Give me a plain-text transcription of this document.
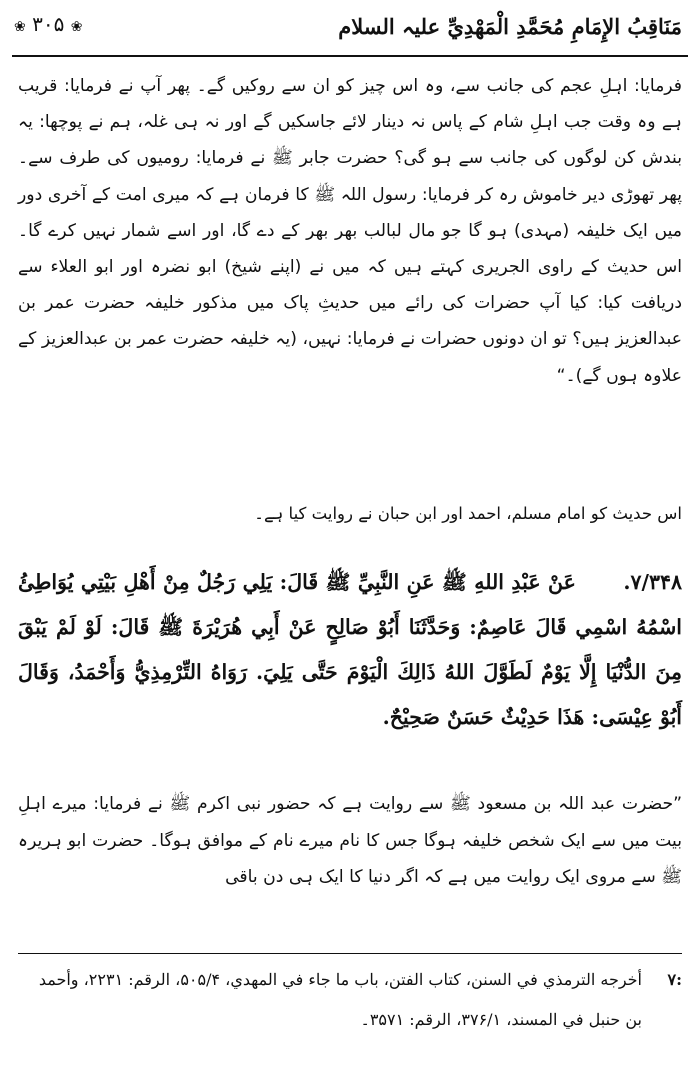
مَنَاقِبُ الإِمَامِ مُحَمَّدِ الْمَهْدِيِّ علیہ السلام
❀ ۳۰۵ ❀

فرمایا: اہلِ عجم کی جانب سے، وہ اس چیز کو ان سے روکیں گے۔ پھر آپ نے فرمایا: قریب ہے وہ وقت جب اہلِ شام کے پاس نہ دینار لائے جاسکیں گے اور نہ ہی غلہ، ہم نے پوچھا: یہ بندش کن لوگوں کی جانب سے ہو گی؟ حضرت جابر ﷺ نے فرمایا: رومیوں کی طرف سے۔ پھر تھوڑی دیر خاموش رہ کر فرمایا: رسول اللہ ﷺ کا فرمان ہے کہ میری امت کے آخری دور میں ایک خلیفہ (مہدی) ہو گا جو مال لبالب بھر بھر کے دے گا، اور اسے شمار نہیں کرے گا۔ اس حدیث کے راوی الجریری کہتے ہیں کہ میں نے (اپنے شیخ) ابو نضرہ اور ابو العلاء سے دریافت کیا: کیا آپ حضرات کی رائے میں حدیثِ پاک میں مذکور خلیفہ حضرت عمر بن عبدالعزیز ہیں؟ تو ان دونوں حضرات نے فرمایا: نہیں، (یہ خلیفہ حضرت عمر بن عبدالعزیز کے علاوہ ہوں گے)۔“

اس حدیث کو امام مسلم، احمد اور ابن حبان نے روایت کیا ہے۔

۷/۳۴۸. عَنْ عَبْدِ اللهِ ﷺ عَنِ النَّبِيِّ ﷺ قَالَ: يَلِي رَجُلٌ مِنْ أَهْلِ بَيْتِي يُوَاطِئُ اسْمُهُ اسْمِي قَالَ عَاصِمٌ: وَحَدَّثَنَا أَبُوْ صَالِحٍ عَنْ أَبِي هُرَيْرَةَ ﷺ قَالَ: لَوْ لَمْ يَبْقَ مِنَ الدُّنْيَا إِلَّا يَوْمٌ لَطَوَّلَ اللهُ ذَالِكَ الْيَوْمَ حَتَّى يَلِيَ. رَوَاهُ التِّرْمِذِيُّ وَأَحْمَدُ، وَقَالَ أَبُوْ عِيْسَى: هَذَا حَدِيْثٌ حَسَنٌ صَحِيْحٌ.

”حضرت عبد اللہ بن مسعود ﷺ سے روایت ہے کہ حضور نبی اکرم ﷺ نے فرمایا: میرے اہلِ بیت میں سے ایک شخص خلیفہ ہوگا جس کا نام میرے نام کے موافق ہوگا۔ حضرت ابو ہریرہ ﷺ سے مروی ایک روایت میں ہے کہ اگر دنیا کا ایک ہی دن باقی

:۷
أخرجه الترمذي في السنن، كتاب الفتن، باب ما جاء في المهدي، ۵۰۵/۴، الرقم: ۲۲۳۱، وأحمد بن حنبل في المسند، ۳۷۶/۱، الرقم: ۳۵۷۱۔
